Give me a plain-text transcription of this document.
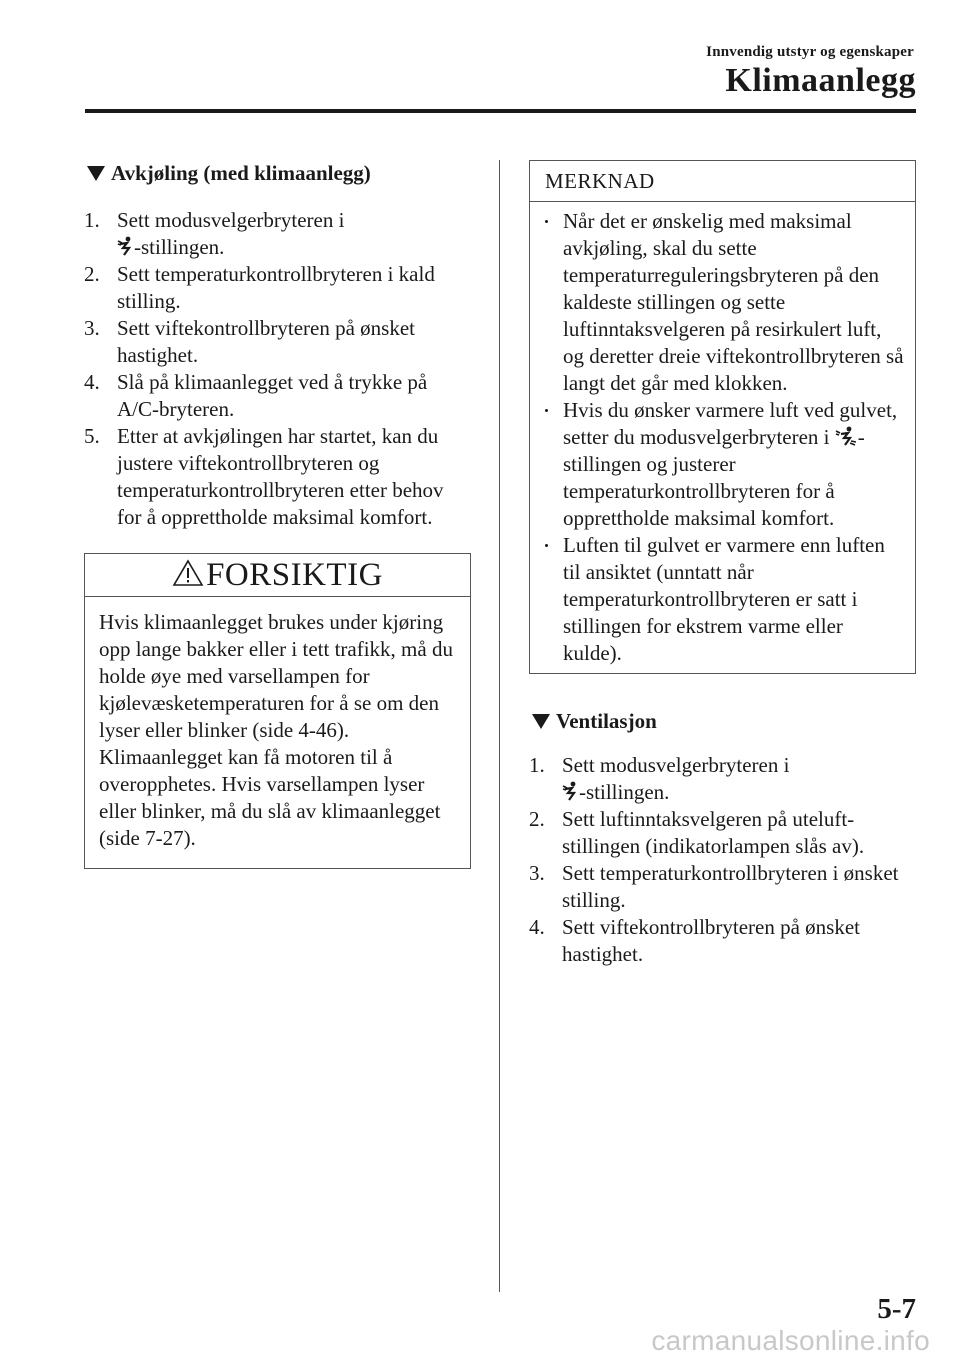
Innvendig utstyr og egenskaper
Klimaanlegg
Avkjøling (med klimaanlegg)
1. Sett modusvelgerbryteren i
-stillingen.
2. Sett temperaturkontrollbryteren i kald stilling.
3. Sett viftekontrollbryteren på ønsket hastighet.
4. Slå på klimaanlegget ved å trykke på A/C-bryteren.
5. Etter at avkjølingen har startet, kan du justere viftekontrollbryteren og temperaturkontrollbryteren etter behov for å opprettholde maksimal komfort.
FORSIKTIG
Hvis klimaanlegget brukes under kjøring opp lange bakker eller i tett trafikk, må du holde øye med varsellampen for kjølevæsketemperaturen for å se om den lyser eller blinker (side 4-46). Klimaanlegget kan få motoren til å overopphetes. Hvis varsellampen lyser eller blinker, må du slå av klimaanlegget (side 7-27).
MERKNAD
Når det er ønskelig med maksimal avkjøling, skal du sette temperaturreguleringsbryteren på den kaldeste stillingen og sette luftinntaksvelgeren på resirkulert luft, og deretter dreie viftekontrollbryteren så langt det går med klokken.
Hvis du ønsker varmere luft ved gulvet, setter du modusvelgerbryteren i -stillingen og justerer temperaturkontrollbryteren for å opprettholde maksimal komfort.
Luften til gulvet er varmere enn luften til ansiktet (unntatt når temperaturkontrollbryteren er satt i stillingen for ekstrem varme eller kulde).
Ventilasjon
1. Sett modusvelgerbryteren i
-stillingen.
2. Sett luftinntaksvelgeren på uteluft-stillingen (indikatorlampen slås av).
3. Sett temperaturkontrollbryteren i ønsket stilling.
4. Sett viftekontrollbryteren på ønsket hastighet.
5-7
carmanualsonline.info
